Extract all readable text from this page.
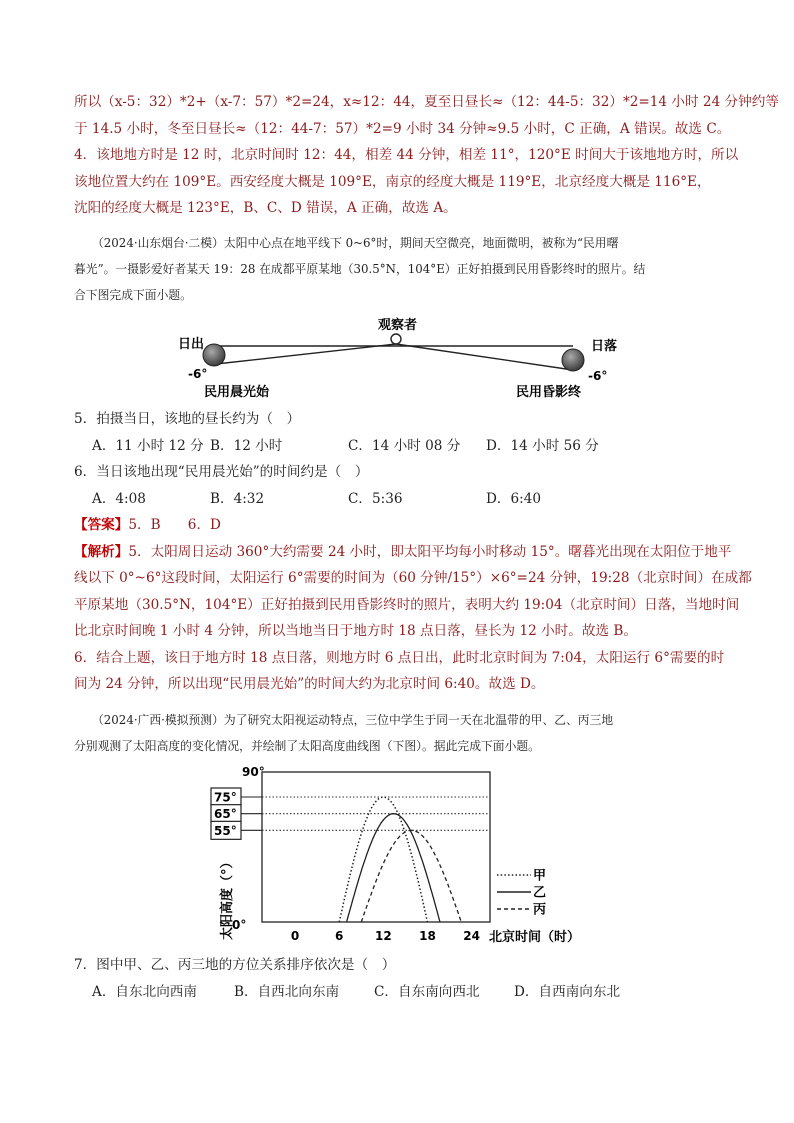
所以（x-5：32）*2+（x-7：57）*2=24，x≈12：44，夏至日昼长≈（12：44-5：32）*2=14 小时 24 分钟约等
于 14.5 小时，冬至日昼长≈（12：44-7：57）*2=9 小时 34 分钟≈9.5 小时，C 正确，A 错误。故选 C。
4．该地地方时是 12 时，北京时间时 12：44，相差 44 分钟，相差 11°，120°E 时间大于该地地方时，所以
该地位置大约在 109°E。西安经度大概是 109°E，南京的经度大概是 119°E，北京经度大概是 116°E，
沈阳的经度大概是 123°E，B、C、D 错误，A 正确，故选 A。
（2024·山东烟台·二模）太阳中心点在地平线下 0~6°时，期间天空微亮，地面微明，被称为“民用曙
暮光”。一摄影爱好者某天 19：28 在成都平原某地（30.5°N，104°E）正好拍摄到民用昏影终时的照片。结
合下图完成下面小题。
观察者
日出	日落
-6°	-6°
民用晨光始	民用昏影终
5．拍摄当日，该地的昼长约为（　）
A．11 小时 12 分 B．12 小时	C．14 小时 08 分 D．14 小时 56 分
6．当日该地出现“民用晨光始”的时间约是（　）
A．4:08	B．4:32	C．5:36	D．6:40
【答案】5．B　　6．D
【解析】5．太阳周日运动 360°大约需要 24 小时，即太阳平均每小时移动 15°。曙暮光出现在太阳位于地平
线以下 0°~6°这段时间，太阳运行 6°需要的时间为（60 分钟/15°）×6°=24 分钟，19:28（北京时间）在成都
平原某地（30.5°N，104°E）正好拍摄到民用昏影终时的照片，表明大约 19:04（北京时间）日落，当地时间
比北京时间晚 1 小时 4 分钟，所以当地当日于地方时 18 点日落，昼长为 12 小时。故选 B。
6．结合上题，该日于地方时 18 点日落，则地方时 6 点日出，此时北京时间为 7:04，太阳运行 6°需要的时
间为 24 分钟，所以出现“民用晨光始”的时间大约为北京时间 6:40。故选 D。
（2024·广西·模拟预测）为了研究太阳视运动特点，三位中学生于同一天在北温带的甲、乙、丙三地
分别观测了太阳高度的变化情况，并绘制了太阳高度曲线图（下图）。据此完成下面小题。
75°
65°
55°
0°
90°
0	6	12 18 24
太阳高度（°）	北京时间（时）
甲
乙
丙
7．图中甲、乙、丙三地的方位关系排序依次是（　）
A．自东北向西南	B．自西北向东南	C．自东南向西北	D．自西南向东北
